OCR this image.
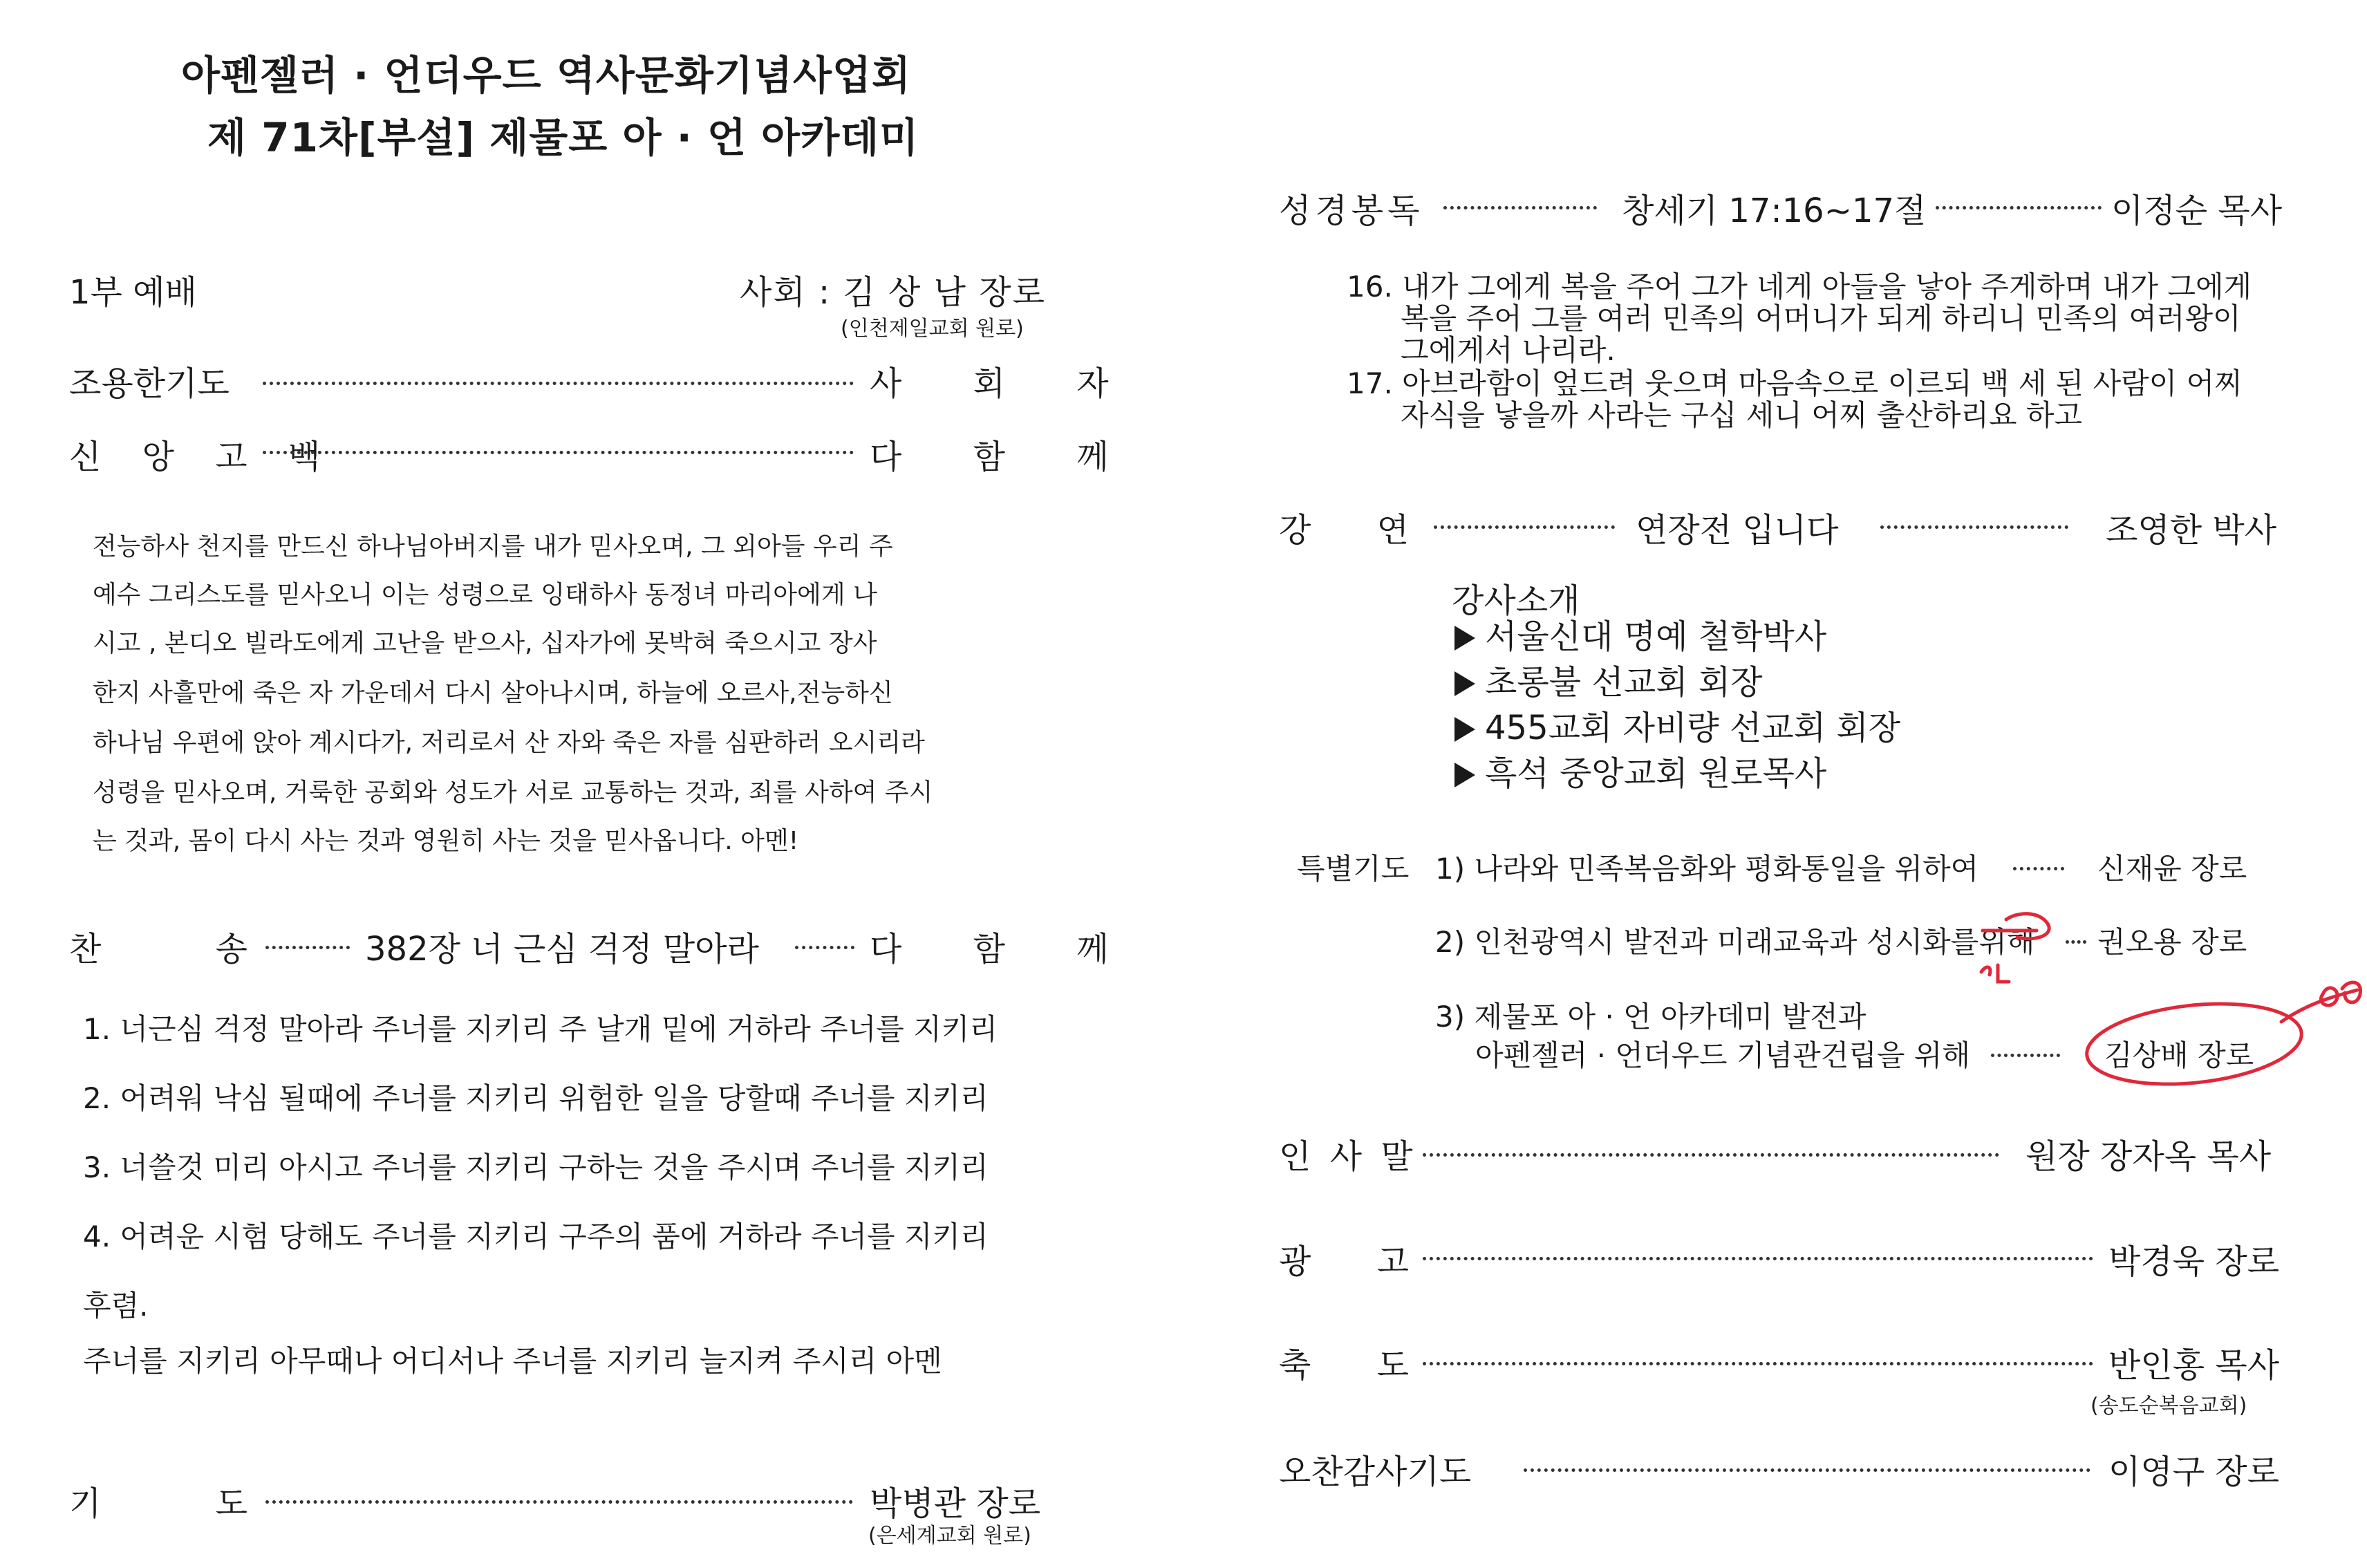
아펜젤러 · 언더우드 역사문화기념사업회
제 71차[부설] 제물포 아 · 언 아카데미
1부 예배	사회 : 김 상 남 장로
(인천제일교회 원로)
조용한기도	사 회 자
신 앙 고 백	다 함 께
전능하사 천지를 만드신 하나님아버지를 내가 믿사오며, 그 외아들 우리 주
예수 그리스도를 믿사오니 이는 성령으로 잉태하사 동정녀 마리아에게 나
시고 , 본디오 빌라도에게 고난을 받으사, 십자가에 못박혀 죽으시고 장사
한지 사흘만에 죽은 자 가운데서 다시 살아나시며, 하늘에 오르사,전능하신
하나님 우편에 앉아 계시다가, 저리로서 산 자와 죽은 자를 심판하러 오시리라
성령을 믿사오며, 거룩한 공회와 성도가 서로 교통하는 것과, 죄를 사하여 주시
는 것과, 몸이 다시 사는 것과 영원히 사는 것을 믿사옵니다. 아멘!
찬 송	382장 너 근심 걱정 말아라	다 함 께
1. 너근심 걱정 말아라 주너를 지키리 주 날개 밑에 거하라 주너를 지키리
2. 어려워 낙심 될때에 주너를 지키리 위험한 일을 당할때 주너를 지키리
3. 너쓸것 미리 아시고 주너를 지키리 구하는 것을 주시며 주너를 지키리
4. 어려운 시험 당해도 주너를 지키리 구주의 품에 거하라 주너를 지키리
후렴.
주너를 지키리 아무때나 어디서나 주너를 지키리 늘지켜 주시리 아멘
기 도	박병관 장로
(은세계교회 원로)
성경봉독	창세기 17:16~17절	이정순 목사
16. 내가 그에게 복을 주어 그가 네게 아들을 낳아 주게하며 내가 그에게
복을 주어 그를 여러 민족의 어머니가 되게 하리니 민족의 여러왕이
그에게서 나리라.
17. 아브라함이 엎드려 웃으며 마음속으로 이르되 백 세 된 사람이 어찌
자식을 낳을까 사라는 구십 세니 어찌 출산하리요 하고
강 연	연장전 입니다	조영한 박사
강사소개
서울신대 명예 철학박사
초롱불 선교회 회장
455교회 자비량 선교회 회장
흑석 중앙교회 원로목사
특별기도 1) 나라와 민족복음화와 평화통일을 위하여	신재윤 장로
2) 인천광역시 발전과 미래교육과 성시화를위해 권오용 장로
3) 제물포 아 · 언 아카데미 발전과
아펜젤러 · 언더우드 기념관건립을 위해	김상배 장로
인 사 말	원장 장자옥 목사
광 고	박경욱 장로
축 도	반인홍 목사
(송도순복음교회)
오찬감사기도	이영구 장로
